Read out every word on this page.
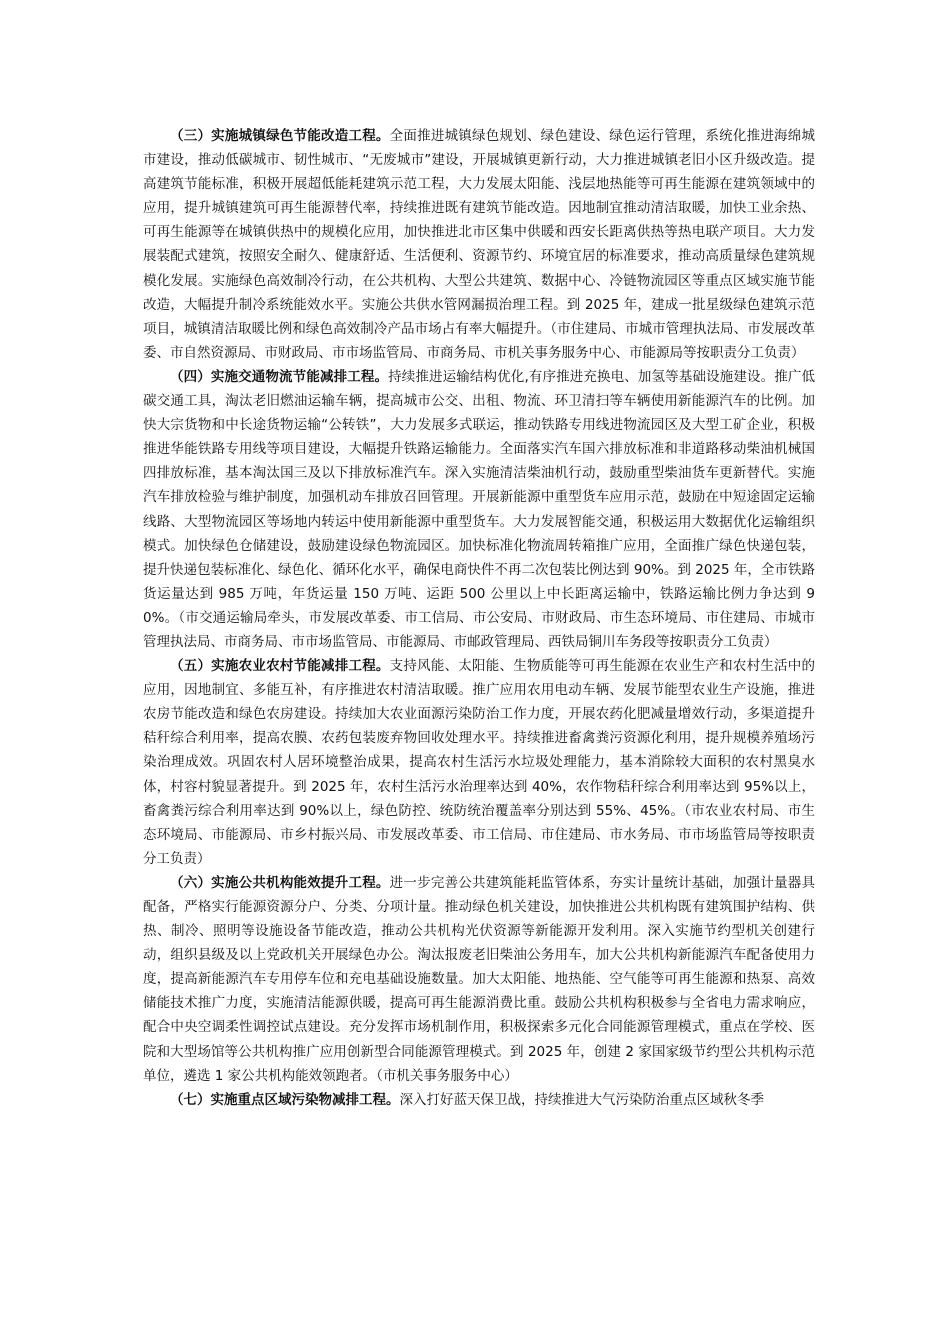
（三）实施城镇绿色节能改造工程。全面推进城镇绿色规划、绿色建设、绿色运行管理，系统化推进海绵城市建设，推动低碳城市、韧性城市、“无废城市”建设，开展城镇更新行动，大力推进城镇老旧小区升级改造。提高建筑节能标准，积极开展超低能耗建筑示范工程，大力发展太阳能、浅层地热能等可再生能源在建筑领域中的应用，提升城镇建筑可再生能源替代率，持续推进既有建筑节能改造。因地制宜推动清洁取暖，加快工业余热、可再生能源等在城镇供热中的规模化应用，加快推进北市区集中供暖和西安长距离供热等热电联产项目。大力发展装配式建筑，按照安全耐久、健康舒适、生活便利、资源节约、环境宜居的标准要求，推动高质量绿色建筑规模化发展。实施绿色高效制冷行动，在公共机构、大型公共建筑、数据中心、冷链物流园区等重点区域实施节能改造，大幅提升制冷系统能效水平。实施公共供水管网漏损治理工程。到 2025 年，建成一批星级绿色建筑示范项目，城镇清洁取暖比例和绿色高效制冷产品市场占有率大幅提升。（市住建局、市城市管理执法局、市发展改革委、市自然资源局、市财政局、市市场监管局、市商务局、市机关事务服务中心、市能源局等按职责分工负责）

（四）实施交通物流节能减排工程。持续推进运输结构优化,有序推进充换电、加氢等基础设施建设。推广低碳交通工具，淘汰老旧燃油运输车辆，提高城市公交、出租、物流、环卫清扫等车辆使用新能源汽车的比例。加快大宗货物和中长途货物运输“公转铁”，大力发展多式联运，推动铁路专用线进物流园区及大型工矿企业，积极推进华能铁路专用线等项目建设，大幅提升铁路运输能力。全面落实汽车国六排放标准和非道路移动柴油机械国四排放标准，基本淘汰国三及以下排放标准汽车。深入实施清洁柴油机行动，鼓励重型柴油货车更新替代。实施汽车排放检验与维护制度，加强机动车排放召回管理。开展新能源中重型货车应用示范，鼓励在中短途固定运输线路、大型物流园区等场地内转运中使用新能源中重型货车。大力发展智能交通，积极运用大数据优化运输组织模式。加快绿色仓储建设，鼓励建设绿色物流园区。加快标准化物流周转箱推广应用，全面推广绿色快递包装，提升快递包装标准化、绿色化、循环化水平，确保电商快件不再二次包装比例达到 90%。到 2025 年，全市铁路货运量达到 985 万吨，年货运量 150 万吨、运距 500 公里以上中长距离运输中，铁路运输比例力争达到 90%。（市交通运输局牵头，市发展改革委、市工信局、市公安局、市财政局、市生态环境局、市住建局、市城市管理执法局、市商务局、市市场监管局、市能源局、市邮政管理局、西铁局铜川车务段等按职责分工负责）

（五）实施农业农村节能减排工程。支持风能、太阳能、生物质能等可再生能源在农业生产和农村生活中的应用，因地制宜、多能互补，有序推进农村清洁取暖。推广应用农用电动车辆、发展节能型农业生产设施，推进农房节能改造和绿色农房建设。持续加大农业面源污染防治工作力度，开展农药化肥减量增效行动，多渠道提升秸秆综合利用率，提高农膜、农药包装废弃物回收处理水平。持续推进畜禽粪污资源化利用，提升规模养殖场污染治理成效。巩固农村人居环境整治成果，提高农村生活污水垃圾处理能力，基本消除较大面积的农村黑臭水体，村容村貌显著提升。到 2025 年，农村生活污水治理率达到 40%，农作物秸秆综合利用率达到 95%以上，畜禽粪污综合利用率达到 90%以上，绿色防控、统防统治覆盖率分别达到 55%、45%。（市农业农村局、市生态环境局、市能源局、市乡村振兴局、市发展改革委、市工信局、市住建局、市水务局、市市场监管局等按职责分工负责）

（六）实施公共机构能效提升工程。进一步完善公共建筑能耗监管体系，夯实计量统计基础，加强计量器具配备，严格实行能源资源分户、分类、分项计量。推动绿色机关建设，加快推进公共机构既有建筑围护结构、供热、制冷、照明等设施设备节能改造，推动公共机构光伏资源等新能源开发利用。深入实施节约型机关创建行动，组织县级及以上党政机关开展绿色办公。淘汰报废老旧柴油公务用车，加大公共机构新能源汽车配备使用力度，提高新能源汽车专用停车位和充电基础设施数量。加大太阳能、地热能、空气能等可再生能源和热泵、高效储能技术推广力度，实施清洁能源供暖，提高可再生能源消费比重。鼓励公共机构积极参与全省电力需求响应，配合中央空调柔性调控试点建设。充分发挥市场机制作用，积极探索多元化合同能源管理模式，重点在学校、医院和大型场馆等公共机构推广应用创新型合同能源管理模式。到 2025 年，创建 2 家国家级节约型公共机构示范单位，遴选 1 家公共机构能效领跑者。（市机关事务服务中心）

（七）实施重点区域污染物减排工程。深入打好蓝天保卫战，持续推进大气污染防治重点区域秋冬季
